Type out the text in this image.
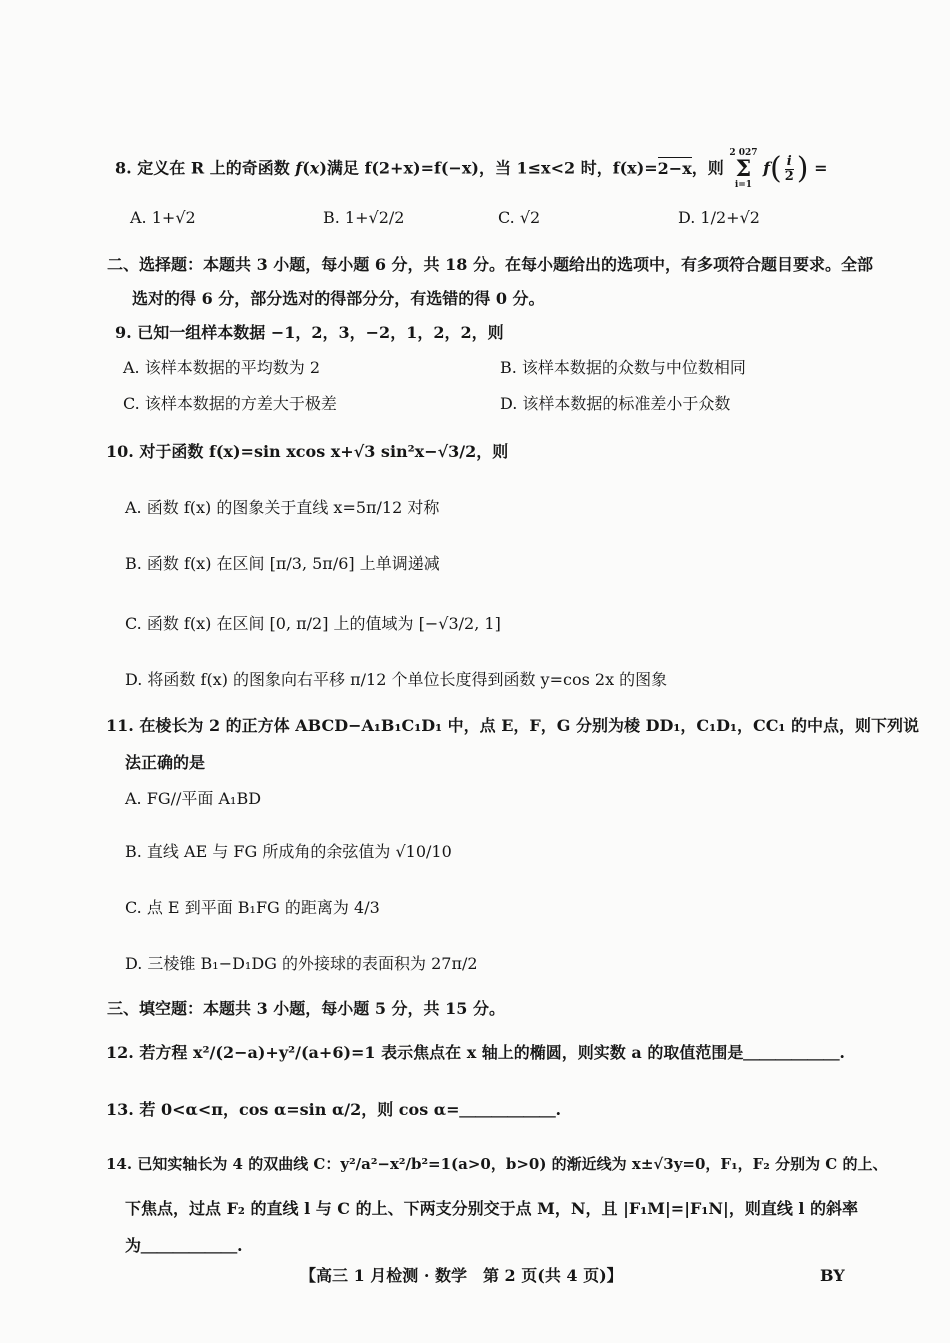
8. 定义在 R 上的奇函数 f(x)满足 f(2+x)=f(−x)，当 1≤x<2 时，f(x)=2−x，则
2 027
Σ
i=1
$f( \frac{i}{2}$ ) =
A. 1+√2	B. 1+√2/2	C. √2	D. 1/2+√2
二、选择题：本题共 3 小题，每小题 6 分，共 18 分。在每小题给出的选项中，有多项符合题目要求。全部
选对的得 6 分，部分选对的得部分分，有选错的得 0 分。
9. 已知一组样本数据 −1，2，3，−2，1，2，2，则
A. 该样本数据的平均数为 2	B. 该样本数据的众数与中位数相同
C. 该样本数据的方差大于极差	D. 该样本数据的标准差小于众数
10. 对于函数 f(x)=sin xcos x+√3 sin²x−√3/2，则
A. 函数 f(x) 的图象关于直线 x=5π/12 对称
B. 函数 f(x) 在区间 [π/3, 5π/6] 上单调递减
C. 函数 f(x) 在区间 [0, π/2] 上的值域为 [−√3/2, 1]
D. 将函数 f(x) 的图象向右平移 π/12 个单位长度得到函数 y=cos 2x 的图象
11. 在棱长为 2 的正方体 ABCD−A₁B₁C₁D₁ 中，点 E，F，G 分别为棱 DD₁，C₁D₁，CC₁ 的中点，则下列说
法正确的是
A. FG//平面 A₁BD
B. 直线 AE 与 FG 所成角的余弦值为 √10/10
C. 点 E 到平面 B₁FG 的距离为 4/3
D. 三棱锥 B₁−D₁DG 的外接球的表面积为 27π/2
三、填空题：本题共 3 小题，每小题 5 分，共 15 分。
12. 若方程 x²/(2−a)+y²/(a+6)=1 表示焦点在 x 轴上的椭圆，则实数 a 的取值范围是＿＿＿＿＿＿.
13. 若 0<α<π，cos α=sin α/2，则 cos α=＿＿＿＿＿＿.
14. 已知实轴长为 4 的双曲线 C：y²/a²−x²/b²=1(a>0，b>0) 的渐近线为 x±√3y=0，F₁，F₂ 分别为 C 的上、
下焦点，过点 F₂ 的直线 l 与 C 的上、下两支分别交于点 M，N，且 |F₁M|=|F₁N|，则直线 l 的斜率
为＿＿＿＿＿＿.
【高三 1 月检测 · 数学　第 2 页(共 4 页)】	BY
